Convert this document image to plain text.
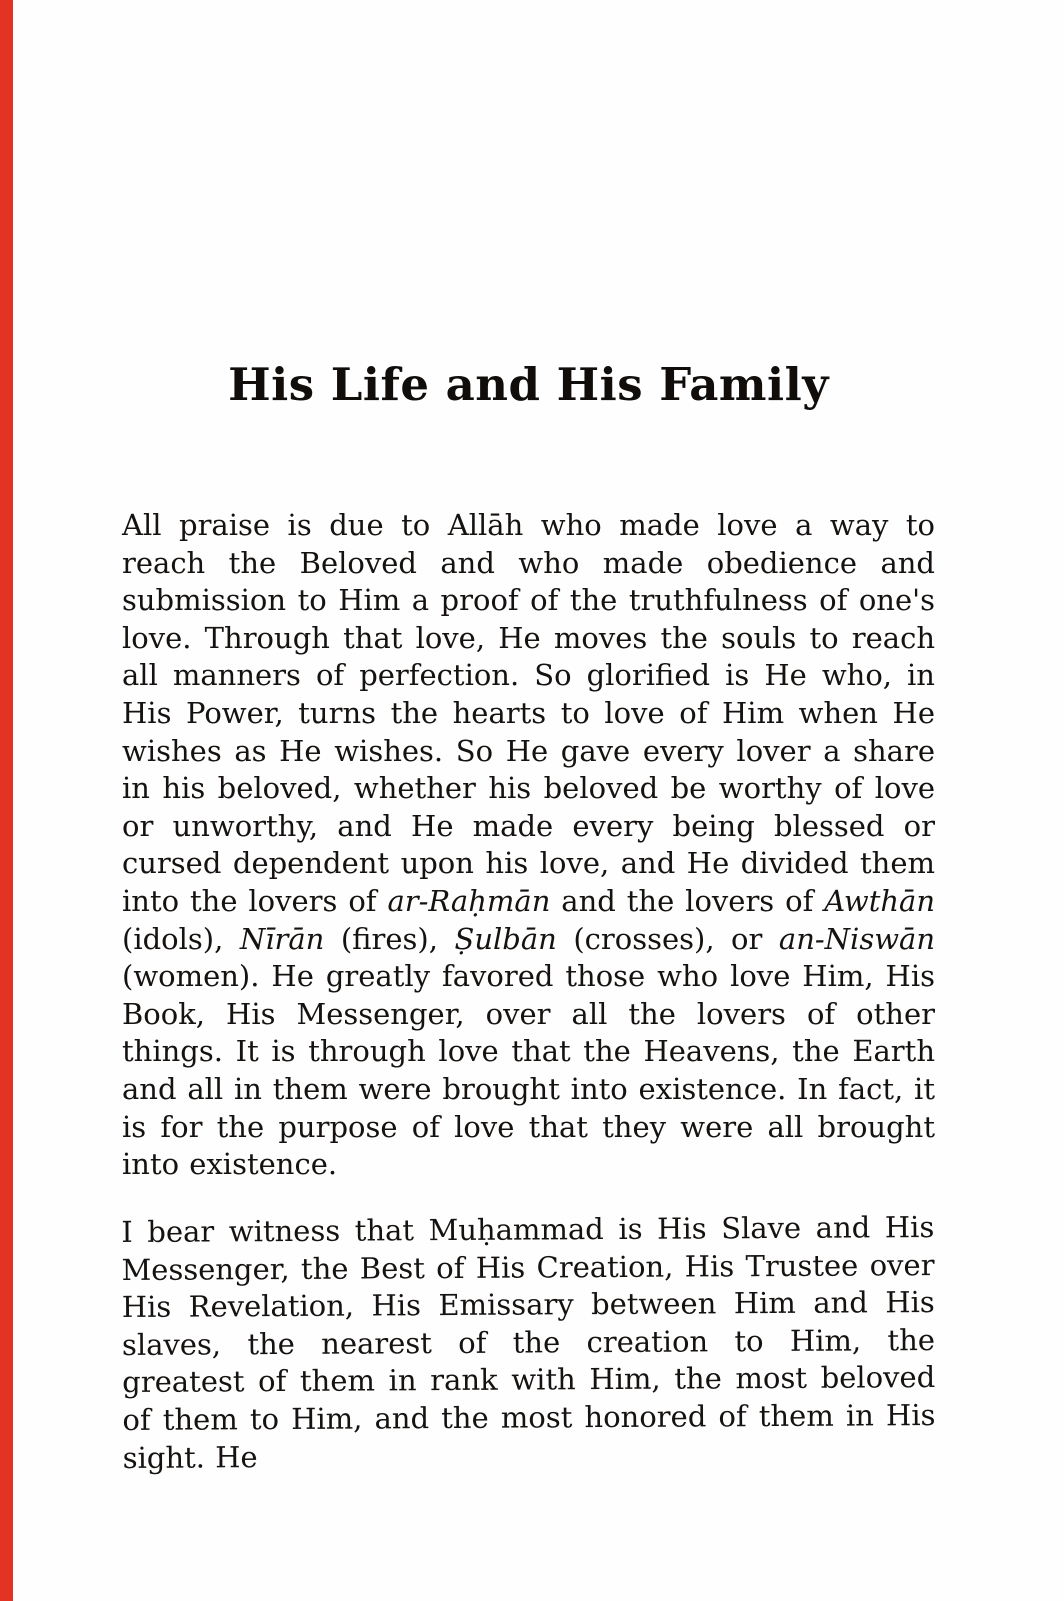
His Life and His Family

All praise is due to Allāh who made love a way to reach the Beloved and who made obedience and submission to Him a proof of the truthfulness of one's love. Through that love, He moves the souls to reach all manners of perfection. So glorified is He who, in His Power, turns the hearts to love of Him when He wishes as He wishes. So He gave every lover a share in his beloved, whether his beloved be worthy of love or unworthy, and He made every being blessed or cursed dependent upon his love, and He divided them into the lovers of ar-Raḥmān and the lovers of Awthān (idols), Nīrān (fires), Ṣulbān (crosses), or an-Niswān (women). He greatly favored those who love Him, His Book, His Messenger, over all the lovers of other things. It is through love that the Heavens, the Earth and all in them were brought into existence. In fact, it is for the purpose of love that they were all brought into existence.

I bear witness that Muḥammad is His Slave and His Messenger, the Best of His Creation, His Trustee over His Revelation, His Emissary between Him and His slaves, the nearest of the creation to Him, the greatest of them in rank with Him, the most beloved of them to Him, and the most honored of them in His sight. He
